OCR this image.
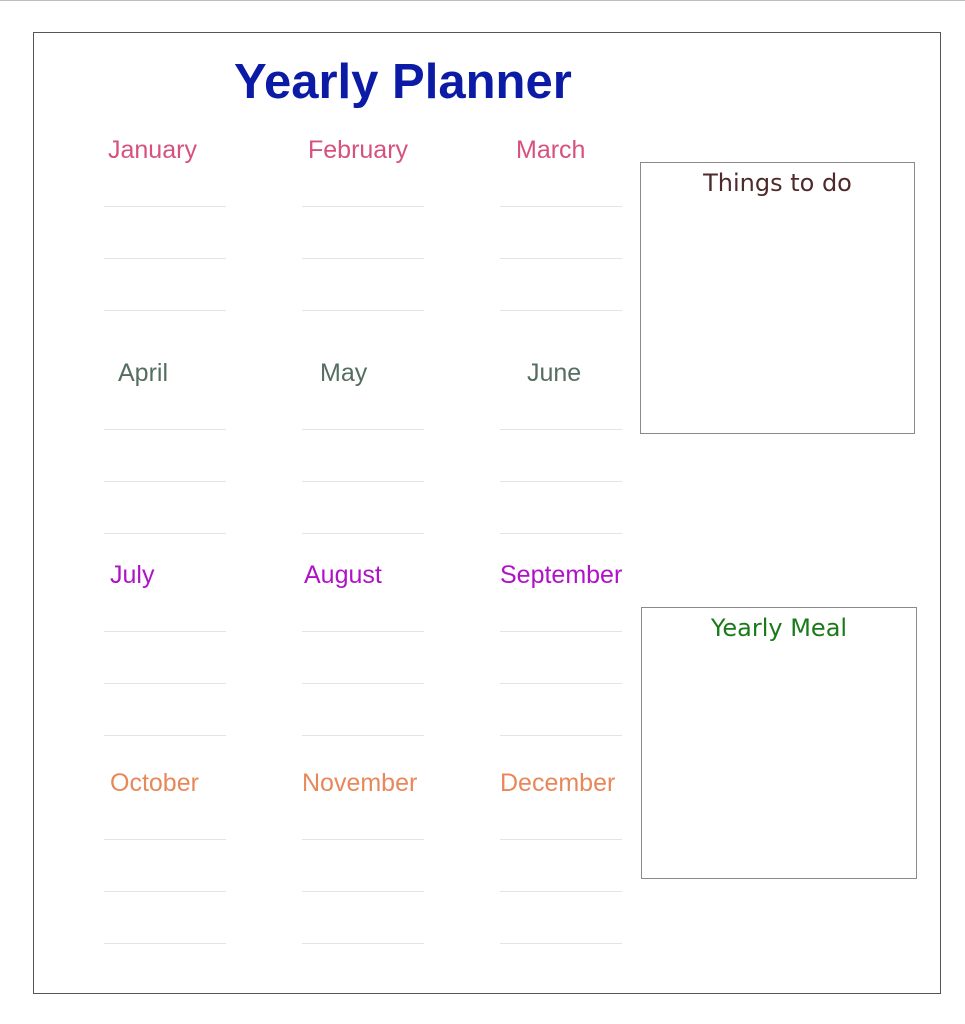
Yearly Planner
January	February	March
April	May	June
July	August	September
October	November	December
Things to do
Yearly Meal
